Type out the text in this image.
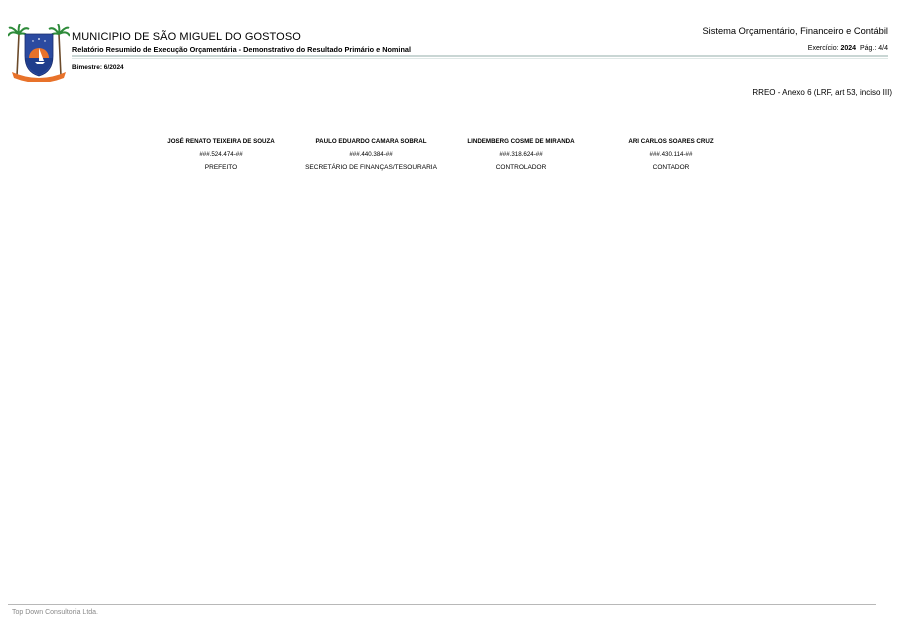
MUNICIPIO DE SÃO MIGUEL DO GOSTOSO
Relatório Resumido de Execução Orçamentária - Demonstrativo do Resultado Primário e Nominal
Bimestre: 6/2024
Sistema Orçamentário, Financeiro e Contábil
Exercício: 2024 Pág.: 4/4
RREO - Anexo 6 (LRF, art 53, inciso III)
JOSÉ RENATO TEIXEIRA DE SOUZA
###.524.474-##
PREFEITO
PAULO EDUARDO CAMARA SOBRAL
###.440.384-##
SECRETÁRIO DE FINANÇAS/TESOURARIA
LINDEMBERG COSME DE MIRANDA
###.318.624-##
CONTROLADOR
ARI CARLOS SOARES CRUZ
###.430.114-##
CONTADOR
Top Down Consultoria Ltda.
